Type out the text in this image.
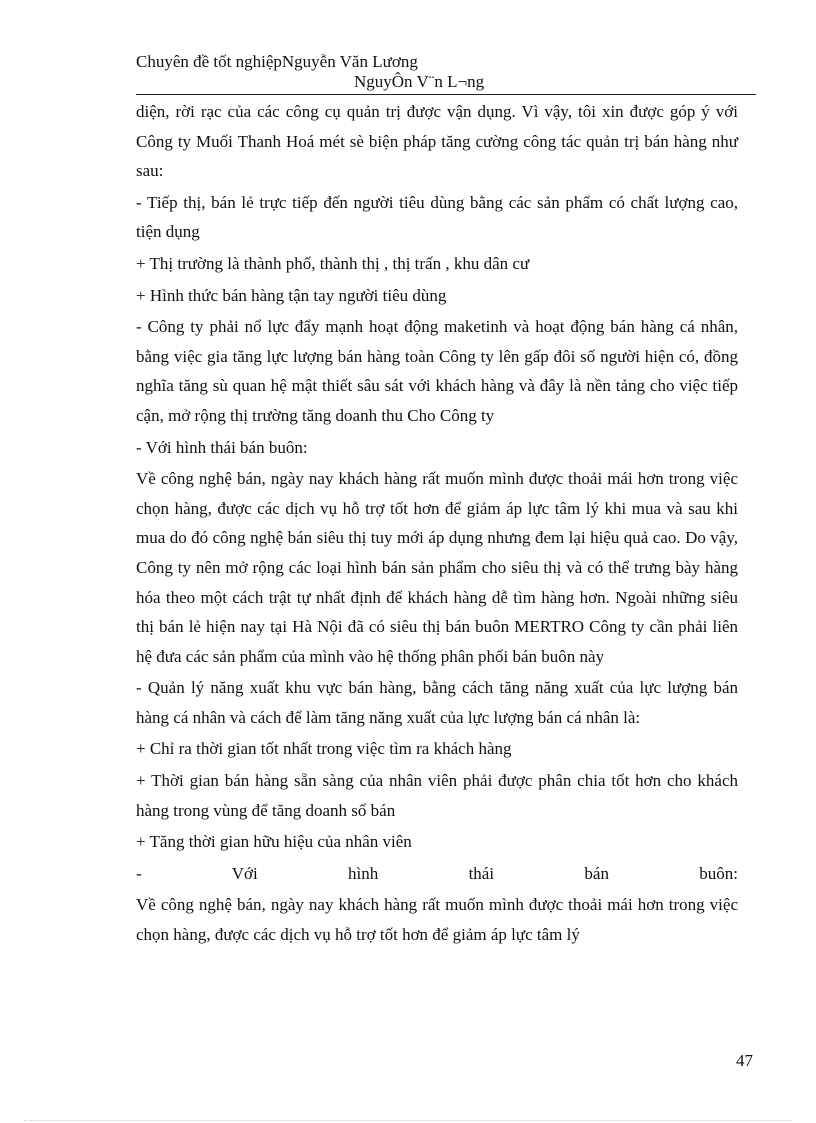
Chuyên đề tốt nghiệpNguyễn Văn Lương
NguyÔn V¨n L¬ng

diện, rời rạc của các công cụ quản trị được vận dụng. Vì vậy, tôi xin được góp ý với Công ty Muối Thanh Hoá mét sè biện pháp tăng cường công tác quản trị bán hàng như sau:

- Tiếp thị, bán lẻ trực tiếp đến người tiêu dùng bằng các sản phẩm có chất lượng cao, tiện dụng

+ Thị trường là thành phố, thành thị , thị trấn , khu dân cư

+ Hình thức bán hàng tận tay người tiêu dùng

- Công ty phải nổ lực đẩy mạnh hoạt động maketinh và hoạt động bán hàng cá nhân, bằng việc gia tăng lực lượng bán hàng toàn Công ty lên gấp đôi số người hiện có, đồng nghĩa tăng sù quan hệ mật thiết sâu sát với khách hàng và đây là nền tảng cho việc tiếp cận, mở rộng thị trường tăng doanh thu Cho Công ty

- Với hình thái bán buôn:

Về công nghệ bán, ngày nay khách hàng rất muốn mình được thoải mái hơn trong việc chọn hàng, được các dịch vụ hỗ trợ tốt hơn để giảm áp lực tâm lý khi mua và sau khi mua do đó công nghệ bán siêu thị tuy mới áp dụng nhưng đem lại hiệu quả cao. Do vậy, Công ty nên mở rộng các loại hình bán sản phẩm cho siêu thị và có thể trưng bày hàng hóa theo một cách trật tự nhất định để khách hàng dễ tìm hàng hơn. Ngoài những siêu thị bán lẻ hiện nay tại Hà Nội đã có siêu thị bán buôn MERTRO Công ty cần phải liên hệ đưa các sản phẩm của mình vào hệ thống phân phối bán buôn này

- Quản lý năng xuất khu vực bán hàng, bằng cách tăng năng xuất của lực lượng bán hàng cá nhân và cách để làm tăng năng xuất của lực lượng bán cá nhân là:

+ Chỉ ra thời gian tốt nhất trong việc tìm ra khách hàng

+ Thời gian bán hàng sẵn sàng của nhân viên phải được phân chia tốt hơn cho khách hàng trong vùng để tăng doanh số bán

+ Tăng thời gian hữu hiệu của nhân viên

- Với hình thái bán buôn:

Về công nghệ bán, ngày nay khách hàng rất muốn mình được thoải mái hơn trong việc chọn hàng, được các dịch vụ hỗ trợ tốt hơn để giảm áp lực tâm lý

47
